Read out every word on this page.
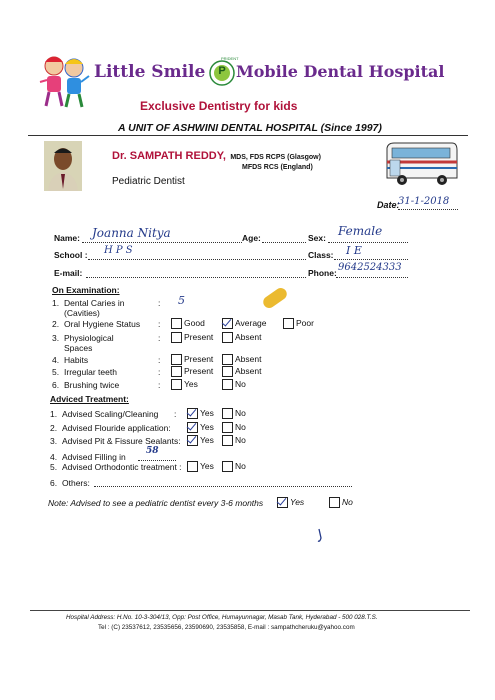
Little Smile	P
PRIDENT
Mobile Dental Hospital
Exclusive Dentistry for kids
A UNIT OF ASHWINI DENTAL HOSPITAL (Since 1997)
Dr. SAMPATH REDDY, MDS, FDS RCPS (Glasgow)
MFDS RCS (England)
Pediatric Dentist
Date:
31-1-2018
Name: Joanna Nitya	Age:	Sex: Female
School : H P S	Class: I E
E-mail:	Phone: 9642524333
On Examination:
1. Dental Caries in
(Cavities)
: 5
2. Oral Hygiene Status :	Good	Average	Poor
3. Physiological
Spaces
:	Present	Absent
4. Habits	:	Present	Absent
5. Irregular teeth	:	Present	Absent
6. Brushing twice	:	Yes	No
Adviced Treatment:
1. Advised Scaling/Cleaning :	Yes	No
2. Advised Flouride application:	Yes	No
3. Advised Pit & Fissure Sealants:	Yes	No
4. Advised Filling in
58
5. Advised Orthodontic treatment :	Yes	No
6. Others:
Note: Advised to see a pediatric dentist every 3-6 months	Yes	No
Hospital Address: H.No. 10-3-304/13, Opp: Post Office, Humayunnagar, Masab Tank, Hyderabad - 500 028.T.S.
Tel : (C) 23537612, 23535656, 23590690, 23535858, E-mail : sampathcheruku@yahoo.com
